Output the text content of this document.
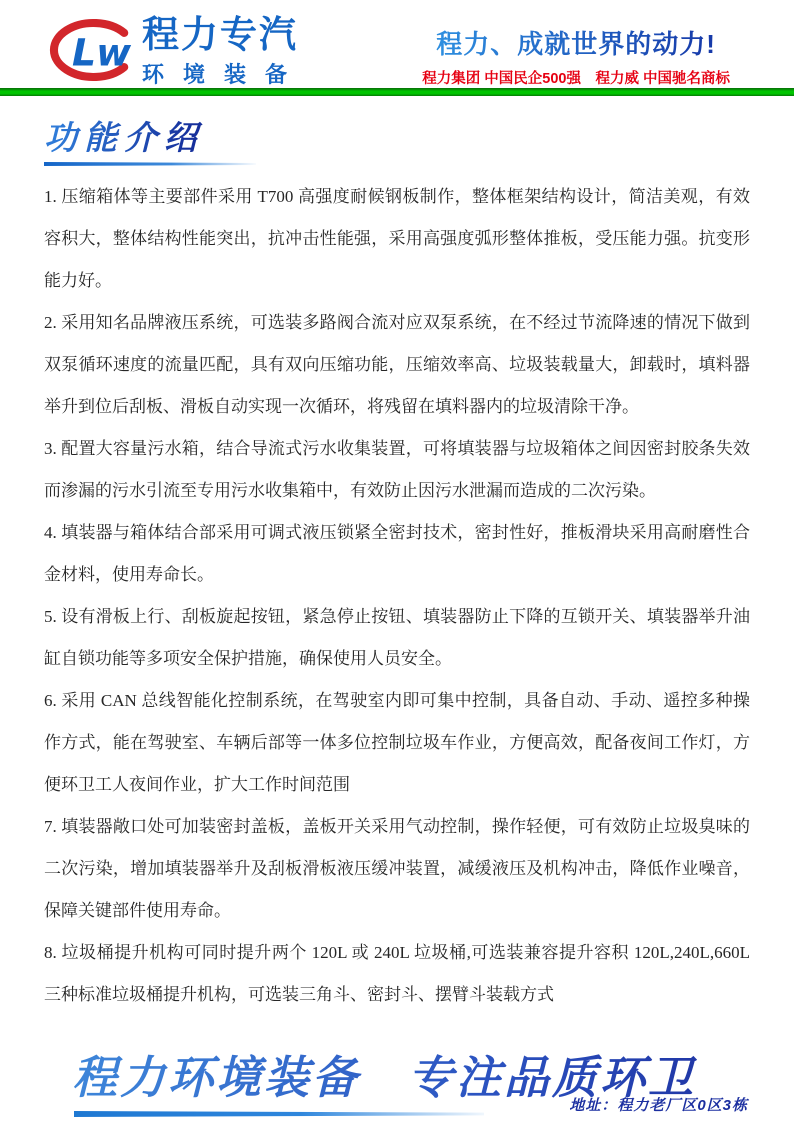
Lw 程力专汽
环境装备
程力、成就世界的动力!
程力集团 中国民企500强　程力威 中国驰名商标
功能介绍

1. 压缩箱体等主要部件采用 T700 高强度耐候钢板制作，整体框架结构设计，简洁美观，有效容积大，整体结构性能突出，抗冲击性能强，采用高强度弧形整体推板，受压能力强。抗变形能力好。

2. 采用知名品牌液压系统，可选装多路阀合流对应双泵系统，在不经过节流降速的情况下做到双泵循环速度的流量匹配，具有双向压缩功能，压缩效率高、垃圾装载量大，卸载时，填料器举升到位后刮板、滑板自动实现一次循环，将残留在填料器内的垃圾清除干净。

3. 配置大容量污水箱，结合导流式污水收集装置，可将填装器与垃圾箱体之间因密封胶条失效而渗漏的污水引流至专用污水收集箱中，有效防止因污水泄漏而造成的二次污染。

4. 填装器与箱体结合部采用可调式液压锁紧全密封技术，密封性好，推板滑块采用高耐磨性合金材料，使用寿命长。

5. 设有滑板上行、刮板旋起按钮，紧急停止按钮、填装器防止下降的互锁开关、填装器举升油缸自锁功能等多项安全保护措施，确保使用人员安全。

6. 采用 CAN 总线智能化控制系统，在驾驶室内即可集中控制，具备自动、手动、遥控多种操作方式，能在驾驶室、车辆后部等一体多位控制垃圾车作业，方便高效，配备夜间工作灯，方便环卫工人夜间作业，扩大工作时间范围

7. 填装器敞口处可加装密封盖板，盖板开关采用气动控制，操作轻便，可有效防止垃圾臭味的二次污染，增加填装器举升及刮板滑板液压缓冲装置，减缓液压及机构冲击，降低作业噪音，保障关键部件使用寿命。

8. 垃圾桶提升机构可同时提升两个 120L 或 240L 垃圾桶,可选装兼容提升容积 120L,240L,660L 三种标准垃圾桶提升机构，可选装三角斗、密封斗、摆臂斗装载方式

程力环境装备　专注品质环卫
地址：程力老厂区0区3栋
